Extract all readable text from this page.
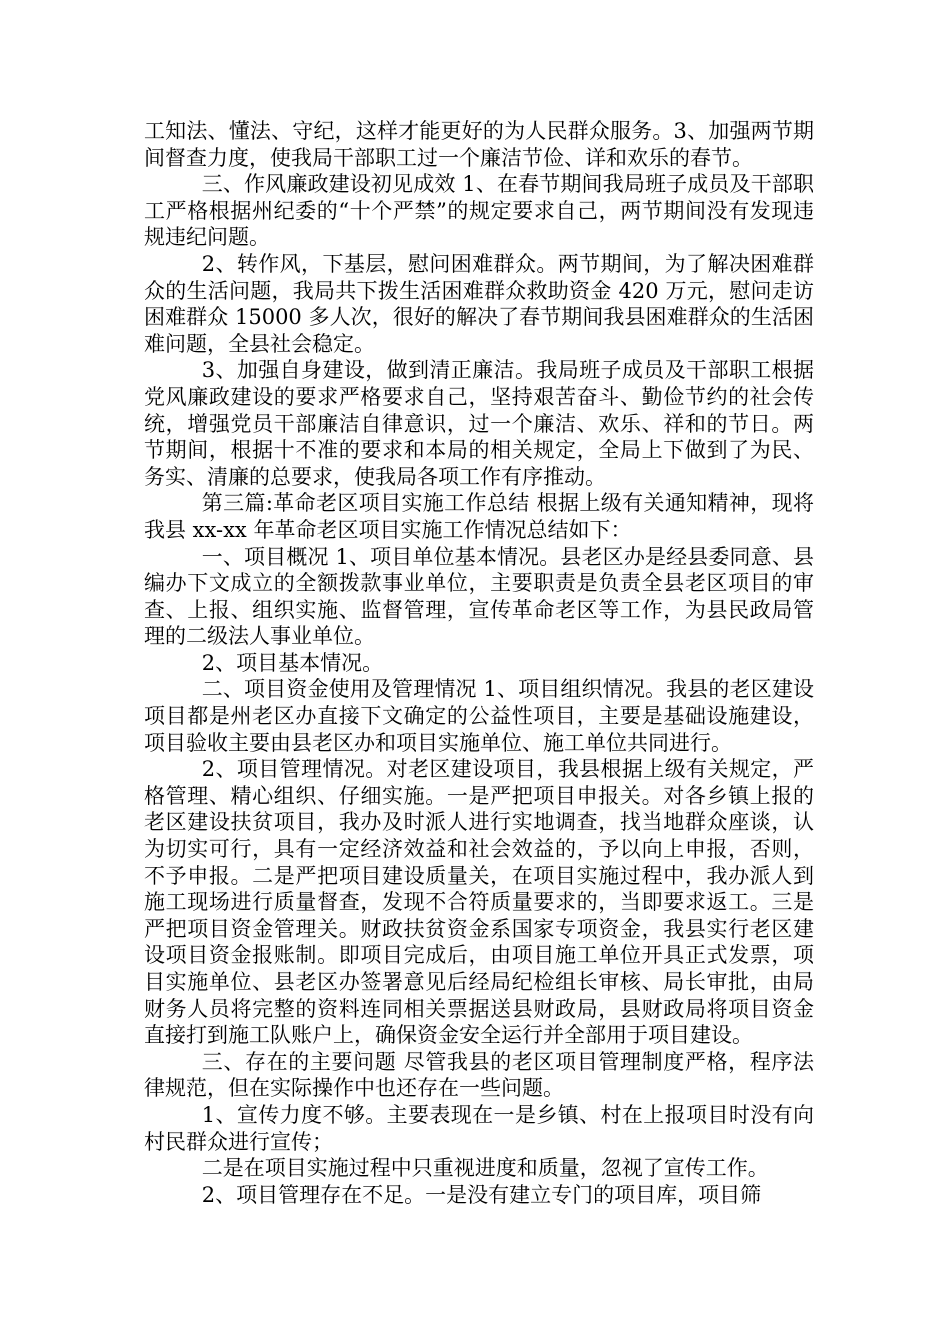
工知法、懂法、守纪，这样才能更好的为人民群众服务。3、加强两节期间督查力度，使我局干部职工过一个廉洁节俭、详和欢乐的春节。

三、作风廉政建设初见成效 1、在春节期间我局班子成员及干部职工严格根据州纪委的“十个严禁”的规定要求自己，两节期间没有发现违规违纪问题。

2、转作风，下基层，慰问困难群众。两节期间，为了解决困难群众的生活问题，我局共下拨生活困难群众救助资金 420 万元，慰问走访困难群众 15000 多人次，很好的解决了春节期间我县困难群众的生活困难问题，全县社会稳定。

3、加强自身建设，做到清正廉洁。我局班子成员及干部职工根据党风廉政建设的要求严格要求自己，坚持艰苦奋斗、勤俭节约的社会传统，增强党员干部廉洁自律意识，过一个廉洁、欢乐、祥和的节日。两节期间，根据十不准的要求和本局的相关规定，全局上下做到了为民、务实、清廉的总要求，使我局各项工作有序推动。

第三篇:革命老区项目实施工作总结 根据上级有关通知精神，现将我县 xx-xx 年革命老区项目实施工作情况总结如下：

一、项目概况 1、项目单位基本情况。县老区办是经县委同意、县编办下文成立的全额拨款事业单位，主要职责是负责全县老区项目的审查、上报、组织实施、监督管理，宣传革命老区等工作，为县民政局管理的二级法人事业单位。

2、项目基本情况。

二、项目资金使用及管理情况 1、项目组织情况。我县的老区建设项目都是州老区办直接下文确定的公益性项目，主要是基础设施建设，项目验收主要由县老区办和项目实施单位、施工单位共同进行。

2、项目管理情况。对老区建设项目，我县根据上级有关规定，严格管理、精心组织、仔细实施。一是严把项目申报关。对各乡镇上报的老区建设扶贫项目，我办及时派人进行实地调查，找当地群众座谈，认为切实可行，具有一定经济效益和社会效益的，予以向上申报，否则，不予申报。二是严把项目建设质量关，在项目实施过程中，我办派人到施工现场进行质量督查，发现不合符质量要求的，当即要求返工。三是严把项目资金管理关。财政扶贫资金系国家专项资金，我县实行老区建设项目资金报账制。即项目完成后，由项目施工单位开具正式发票，项目实施单位、县老区办签署意见后经局纪检组长审核、局长审批，由局财务人员将完整的资料连同相关票据送县财政局，县财政局将项目资金直接打到施工队账户上，确保资金安全运行并全部用于项目建设。

三、存在的主要问题 尽管我县的老区项目管理制度严格，程序法律规范，但在实际操作中也还存在一些问题。

1、宣传力度不够。主要表现在一是乡镇、村在上报项目时没有向村民群众进行宣传；

二是在项目实施过程中只重视进度和质量，忽视了宣传工作。

2、项目管理存在不足。一是没有建立专门的项目库，项目筛
